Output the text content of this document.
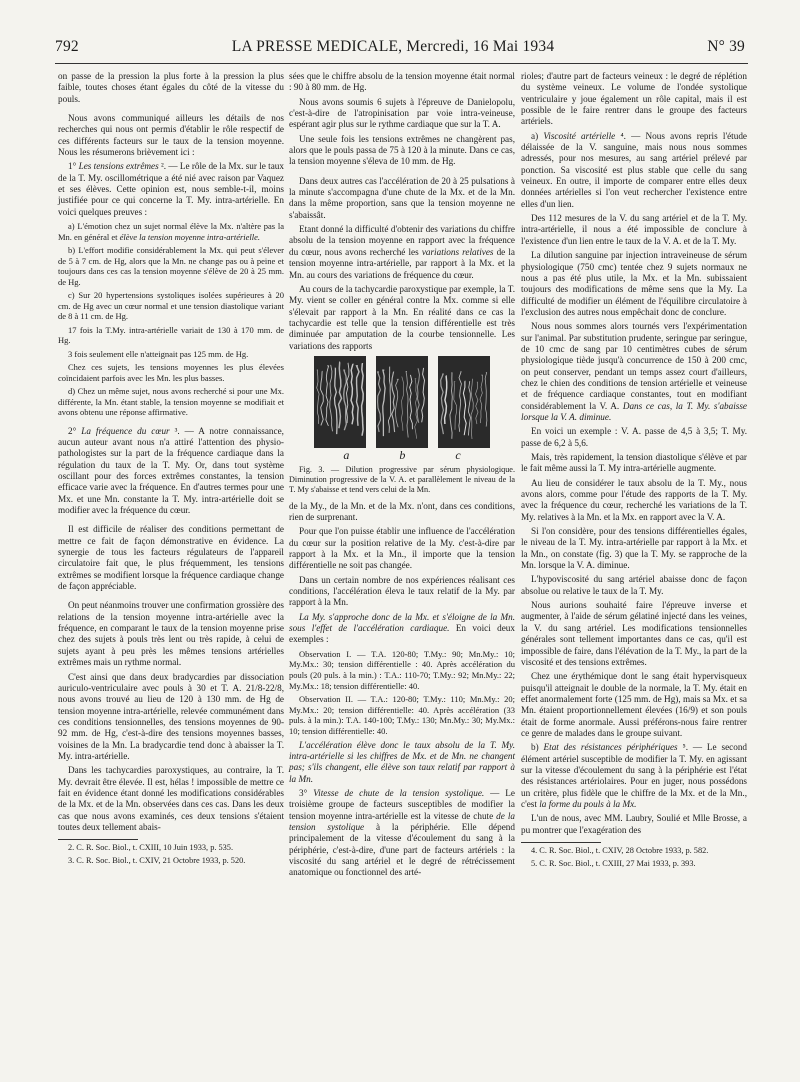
792	LA PRESSE MEDICALE, Mercredi, 16 Mai 1934	N° 39

on passe de la pression la plus forte à la pression la plus faible, toutes choses étant égales du côté de la vitesse du pouls.

Nous avons communiqué ailleurs les détails de nos recherches qui nous ont permis d'établir le rôle respectif de ces différents facteurs sur le taux de la tension moyenne. Nous les résumerons brièvement ici :

1° Les tensions extrêmes ². — Le rôle de la Mx. sur le taux de la T. My. oscillométrique a été nié avec raison par Vaquez et ses élèves. Cette opinion est, nous semble-t-il, moins justifiée pour ce qui concerne la T. My. intra-artérielle. En voici quelques preuves :

a) L'émotion chez un sujet normal élève la Mx. n'altère pas la Mn. en général et élève la tension moyenne intra-artérielle.

b) L'effort modifie considérablement la Mx. qui peut s'élever de 5 à 7 cm. de Hg, alors que la Mn. ne change pas ou à peine et toujours dans ces cas la tension moyenne s'élève de 20 à 25 mm. de Hg.

c) Sur 20 hypertensions systoliques isolées supérieures à 20 cm. de Hg avec un cœur normal et une tension diastolique variant de 8 à 11 cm. de Hg.

17 fois la T.My. intra-artérielle variait de 130 à 170 mm. de Hg.

3 fois seulement elle n'atteignait pas 125 mm. de Hg.

Chez ces sujets, les tensions moyennes les plus élevées coïncidaient parfois avec les Mn. les plus basses.

d) Chez un même sujet, nous avons recherché si pour une Mx. différente, la Mn. étant stable, la tension moyenne se modifiait et avons obtenu une réponse affirmative.

2° La fréquence du cœur ³. — A notre connaissance, aucun auteur avant nous n'a attiré l'attention des physio-pathologistes sur la part de la fréquence cardiaque dans la régulation du taux de la T. My. Or, dans tout système oscillant pour des forces extrêmes constantes, la tension efficace varie avec la fréquence. En d'autres termes pour une Mx. et une Mn. constante la T. My. intra-artérielle doit se modifier avec la fréquence du cœur.

Il est difficile de réaliser des conditions permettant de mettre ce fait de façon démonstrative en évidence. La synergie de tous les facteurs régulateurs de l'appareil circulatoire fait que, le plus fréquemment, les tensions extrêmes se modifient lorsque la fréquence cardiaque change de façon appréciable.

On peut néanmoins trouver une confirmation grossière des relations de la tension moyenne intra-artérielle avec la fréquence, en comparant le taux de la tension moyenne prise chez des sujets à pouls très lent ou très rapide, à celui de sujets ayant à peu près les mêmes tensions artérielles extrêmes mais un rythme normal.

C'est ainsi que dans deux bradycardies par dissociation auriculo-ventriculaire avec pouls à 30 et T. A. 21/8-22/8, nous avons trouvé au lieu de 120 à 130 mm. de Hg de tension moyenne intra-artérielle, relevée communément dans ces conditions tensionnelles, des tensions moyennes de 90-92 mm. de Hg, c'est-à-dire des tensions moyennes basses, voisines de la Mn. La bradycardie tend donc à abaisser la T. My. intra-artérielle.

Dans les tachycardies paroxystiques, au contraire, la T. My. devrait être élevée. Il est, hélas ! impossible de mettre ce fait en évidence étant donné les modifications considérables de la Mx. et de la Mn. observées dans ces cas. Dans les deux cas que nous avons examinés, ces deux tensions s'étaient toutes deux tellement abais-

2. C. R. Soc. Biol., t. CXIII, 10 Juin 1933, p. 535.

3. C. R. Soc. Biol., t. CXIV, 21 Octobre 1933, p. 520.

sées que le chiffre absolu de la tension moyenne était normal : 90 à 80 mm. de Hg.

Nous avons soumis 6 sujets à l'épreuve de Danielopolu, c'est-à-dire de l'atropinisation par voie intra-veineuse, espérant agir plus sur le rythme cardiaque que sur la T. A.

Une seule fois les tensions extrêmes ne changèrent pas, alors que le pouls passa de 75 à 120 à la minute. Dans ce cas, la tension moyenne s'éleva de 10 mm. de Hg.

Dans deux autres cas l'accélération de 20 à 25 pulsations à la minute s'accompagna d'une chute de la Mx. et de la Mn. dans la même proportion, sans que la tension moyenne ne s'abaissât.

Etant donné la difficulté d'obtenir des variations du chiffre absolu de la tension moyenne en rapport avec la fréquence du cœur, nous avons recherché les variations relatives de la tension moyenne intra-artérielle, par rapport à la Mx. et la Mn. au cours des variations de fréquence du cœur.

Au cours de la tachycardie paroxystique par exemple, la T. My. vient se coller en général contre la Mx. comme si elle s'élevait par rapport à la Mn. En réalité dans ce cas la tachycardie est telle que la tension différentielle est très diminuée par amputation de la courbe tensionnelle. Les variations des rapports

a	b	c

Fig. 3. — Dilution progressive par sérum physiologique. Diminution progressive de la V. A. et parallèlement le niveau de la T. My s'abaisse et tend vers celui de la Mn.

de la My., de la Mn. et de la Mx. n'ont, dans ces conditions, rien de surprenant.

Pour que l'on puisse établir une influence de l'accélération du cœur sur la position relative de la My. c'est-à-dire par rapport à la Mx. et la Mn., il importe que la tension différentielle ne soit pas changée.

Dans un certain nombre de nos expériences réalisant ces conditions, l'accélération éleva le taux relatif de la My. par rapport à la Mn.

La My. s'approche donc de la Mx. et s'éloigne de la Mn. sous l'effet de l'accélération cardiaque. En voici deux exemples :

Observation I. — T.A. 120-80; T.My.: 90; Mn.My.: 10; My.Mx.: 30; tension différentielle : 40. Après accélération du pouls (20 puls. à la min.) : T.A.: 110-70; T.My.: 92; Mn.My.: 22; My.Mx.: 18; tension différentielle: 40.

Observation II. — T.A.: 120-80; T.My.: 110; Mn.My.: 20; My.Mx.: 20; tension différentielle: 40. Après accélération (33 puls. à la min.): T.A. 140-100; T.My.: 130; Mn.My.: 30; My.Mx.: 10; tension différentielle: 40.

L'accélération élève donc le taux absolu de la T. My. intra-artérielle si les chiffres de Mx. et de Mn. ne changent pas; s'ils changent, elle élève son taux relatif par rapport à la Mn.

3° Vitesse de chute de la tension systolique. — Le troisième groupe de facteurs susceptibles de modifier la tension moyenne intra-artérielle est la vitesse de chute de la tension systolique à la périphérie. Elle dépend principalement de la vitesse d'écoulement du sang à la périphérie, c'est-à-dire, d'une part de facteurs artériels : la viscosité du sang artériel et le degré de rétrécissement anatomique ou fonctionnel des arté-

rioles; d'autre part de facteurs veineux : le degré de réplétion du système veineux. Le volume de l'ondée systolique ventriculaire y joue également un rôle capital, mais il est possible de le faire rentrer dans le groupe des facteurs artériels.

a) Viscosité artérielle ⁴. — Nous avons repris l'étude délaissée de la V. sanguine, mais nous nous sommes adressés, pour nos mesures, au sang artériel prélevé par ponction. Sa viscosité est plus stable que celle du sang veineux. En outre, il importe de comparer entre elles deux données artérielles si l'on veut rechercher l'existence entre elles d'un lien.

Des 112 mesures de la V. du sang artériel et de la T. My. intra-artérielle, il nous a été impossible de conclure à l'existence d'un lien entre le taux de la V. A. et de la T. My.

La dilution sanguine par injection intraveineuse de sérum physiologique (750 cmc) tentée chez 9 sujets normaux ne nous a pas été plus utile, la Mx. et la Mn. subissaient toujours des modifications de même sens que la My. La difficulté de modifier un élément de l'équilibre circulatoire à l'exclusion des autres nous empêchait donc de conclure.

Nous nous sommes alors tournés vers l'expérimentation sur l'animal. Par substitution prudente, seringue par seringue, de 10 cmc de sang par 10 centimètres cubes de sérum physiologique tiède jusqu'à concurrence de 150 à 200 cmc, on peut conserver, pendant un temps assez court d'ailleurs, chez le chien des conditions de tension artérielle et veineuse et de fréquence cardiaque constantes, tout en modifiant considérablement la V. A. Dans ce cas, la T. My. s'abaisse lorsque la V. A. diminue.

En voici un exemple : V. A. passe de 4,5 à 3,5; T. My. passe de 6,2 à 5,6.

Mais, très rapidement, la tension diastolique s'élève et par le fait même aussi la T. My intra-artérielle augmente.

Au lieu de considérer le taux absolu de la T. My., nous avons alors, comme pour l'étude des rapports de la T. My. avec la fréquence du cœur, recherché les variations de la T. My. relatives à la Mn. et la Mx. en rapport avec la V. A.

Si l'on considère, pour des tensions différentielles égales, le niveau de la T. My. intra-artérielle par rapport à la Mx. et la Mn., on constate (fig. 3) que la T. My. se rapproche de la Mn. lorsque la V. A. diminue.

L'hypoviscosité du sang artériel abaisse donc de façon absolue ou relative le taux de la T. My.

Nous aurions souhaité faire l'épreuve inverse et augmenter, à l'aide de sérum gélatiné injecté dans les veines, la V. du sang artériel. Les modifications tensionnelles générales sont tellement importantes dans ce cas, qu'il est impossible de faire, dans l'élévation de la T. My., la part de la viscosité et des tensions extrêmes.

Chez une érythémique dont le sang était hypervisqueux puisqu'il atteignait le double de la normale, la T. My. était en effet anormalement forte (125 mm. de Hg), mais sa Mx. et sa Mn. étaient proportionnellement élevées (16/9) et son pouls était de forme anormale. Aussi préférons-nous faire rentrer ce genre de malades dans le groupe suivant.

b) Etat des résistances périphériques ⁵. — Le second élément artériel susceptible de modifier la T. My. en agissant sur la vitesse d'écoulement du sang à la périphérie est l'état des résistances artériolaires. Pour en juger, nous possédons un critère, plus fidèle que le chiffre de la Mx. et de la Mn., c'est la forme du pouls à la Mx.

L'un de nous, avec MM. Laubry, Soulié et Mlle Brosse, a pu montrer que l'exagération des

4. C. R. Soc. Biol., t. CXIV, 28 Octobre 1933, p. 582.

5. C. R. Soc. Biol., t. CXIII, 27 Mai 1933, p. 393.
